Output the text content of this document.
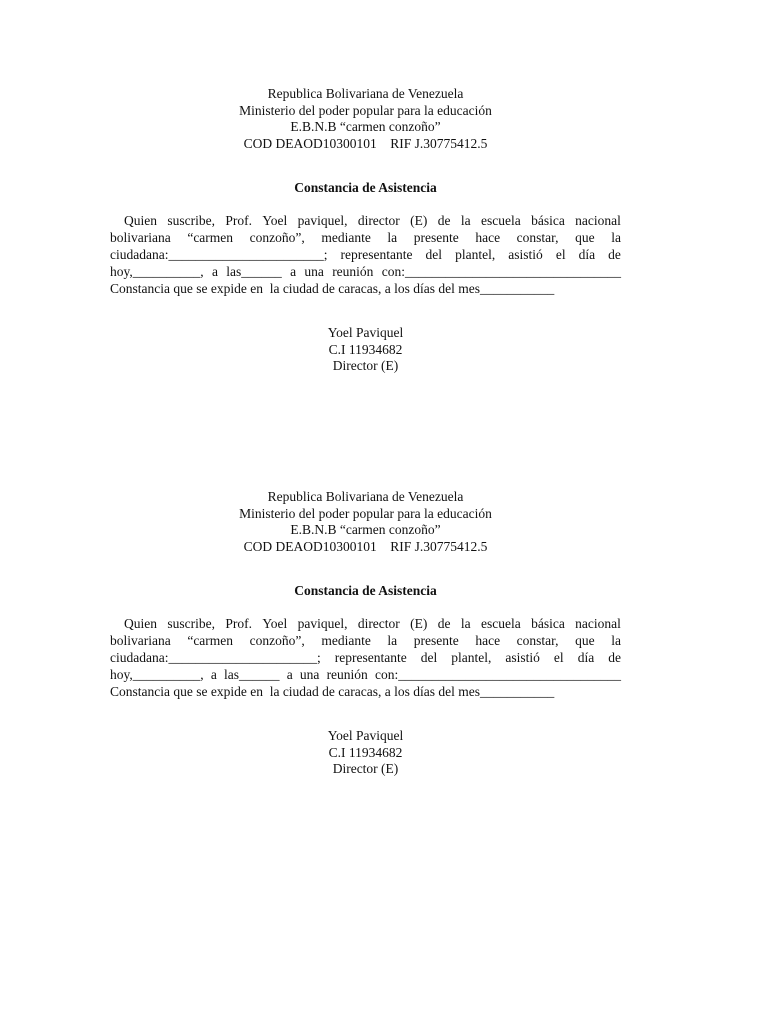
Republica Bolivariana de Venezuela
Ministerio del poder popular para la educación
E.B.N.B “carmen conzoño”
COD DEAOD10300101    RIF J.30775412.5
Constancia de Asistencia
Quien suscribe, Prof. Yoel paviquel, director (E) de la escuela básica nacional
bolivariana “carmen conzoño”, mediante la presente hace constar, que la
ciudadana:_______________________; representante del plantel, asistió el día de
hoy,__________, a las______ a una reunión con:________________________________
Constancia que se expide en  la ciudad de caracas, a los días del mes___________
Yoel Paviquel
C.I 11934682
Director (E)
Republica Bolivariana de Venezuela
Ministerio del poder popular para la educación
E.B.N.B “carmen conzoño”
COD DEAOD10300101    RIF J.30775412.5
Constancia de Asistencia
Quien suscribe, Prof. Yoel paviquel, director (E) de la escuela básica nacional
bolivariana “carmen conzoño”, mediante la presente hace constar, que la
ciudadana:______________________; representante del plantel, asistió el día de
hoy,__________, a las______ a una reunión con:_________________________________
Constancia que se expide en  la ciudad de caracas, a los días del mes___________
Yoel Paviquel
C.I 11934682
Director (E)
